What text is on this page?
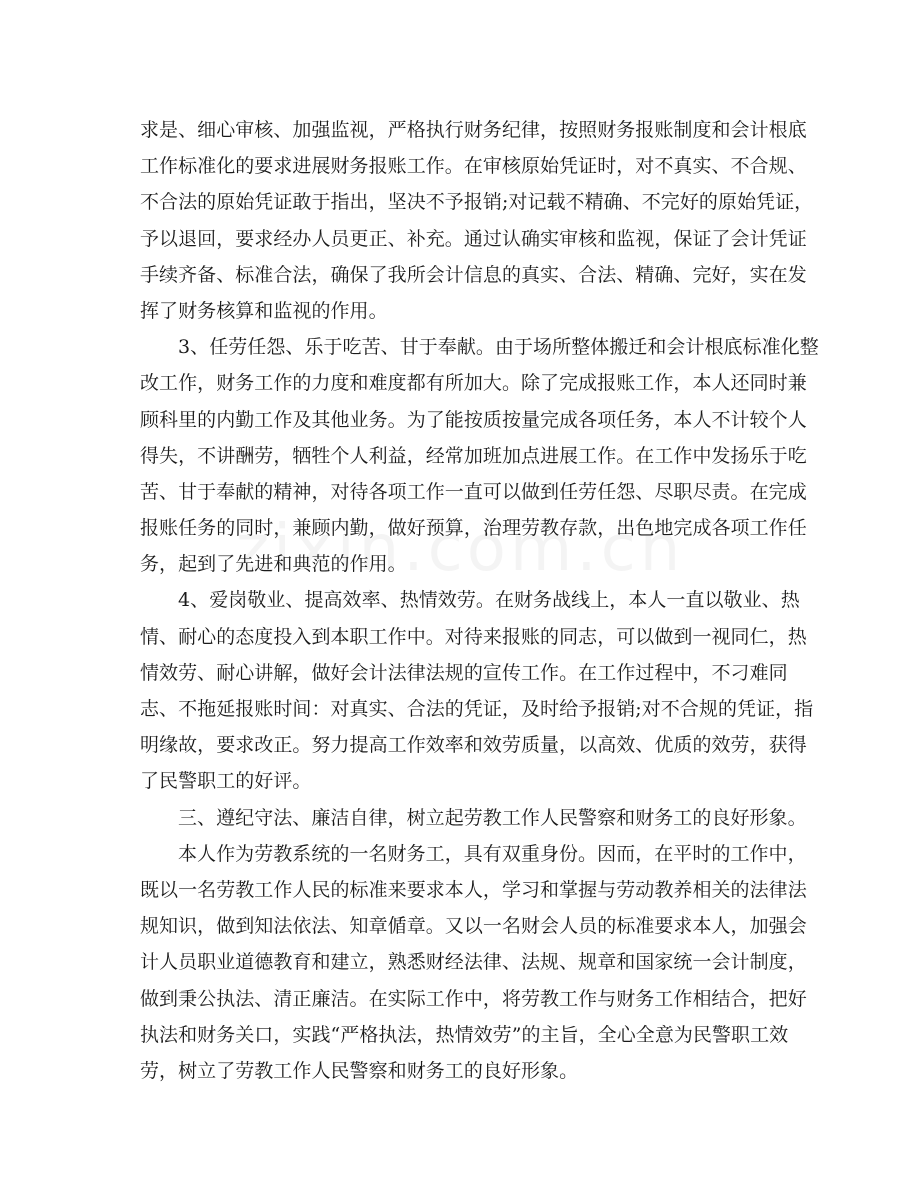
求是、细心审核、加强监视，严格执行财务纪律，按照财务报账制度和会计根底
工作标准化的要求进展财务报账工作。在审核原始凭证时，对不真实、不合规、
不合法的原始凭证敢于指出，坚决不予报销;对记载不精确、不完好的原始凭证，
予以退回，要求经办人员更正、补充。通过认确实审核和监视，保证了会计凭证
手续齐备、标准合法，确保了我所会计信息的真实、合法、精确、完好，实在发
挥了财务核算和监视的作用。
3、任劳任怨、乐于吃苦、甘于奉献。由于场所整体搬迁和会计根底标准化整
改工作，财务工作的力度和难度都有所加大。除了完成报账工作，本人还同时兼
顾科里的内勤工作及其他业务。为了能按质按量完成各项任务，本人不计较个人
得失，不讲酬劳，牺牲个人利益，经常加班加点进展工作。在工作中发扬乐于吃
苦、甘于奉献的精神，对待各项工作一直可以做到任劳任怨、尽职尽责。在完成
报账任务的同时，兼顾内勤，做好预算，治理劳教存款，出色地完成各项工作任
务，起到了先进和典范的作用。
4、爱岗敬业、提高效率、热情效劳。在财务战线上，本人一直以敬业、热
情、耐心的态度投入到本职工作中。对待来报账的同志，可以做到一视同仁，热
情效劳、耐心讲解，做好会计法律法规的宣传工作。在工作过程中，不刁难同
志、不拖延报账时间：对真实、合法的凭证，及时给予报销;对不合规的凭证，指
明缘故，要求改正。努力提高工作效率和效劳质量，以高效、优质的效劳，获得
了民警职工的好评。
三、遵纪守法、廉洁自律，树立起劳教工作人民警察和财务工的良好形象。
本人作为劳教系统的一名财务工，具有双重身份。因而，在平时的工作中，
既以一名劳教工作人民的标准来要求本人，学习和掌握与劳动教养相关的法律法
规知识，做到知法依法、知章偱章。又以一名财会人员的标准要求本人，加强会
计人员职业道德教育和建立，熟悉财经法律、法规、规章和国家统一会计制度，
做到秉公执法、清正廉洁。在实际工作中，将劳教工作与财务工作相结合，把好
执法和财务关口，实践“严格执法，热情效劳”的主旨，全心全意为民警职工效
劳，树立了劳教工作人民警察和财务工的良好形象。
